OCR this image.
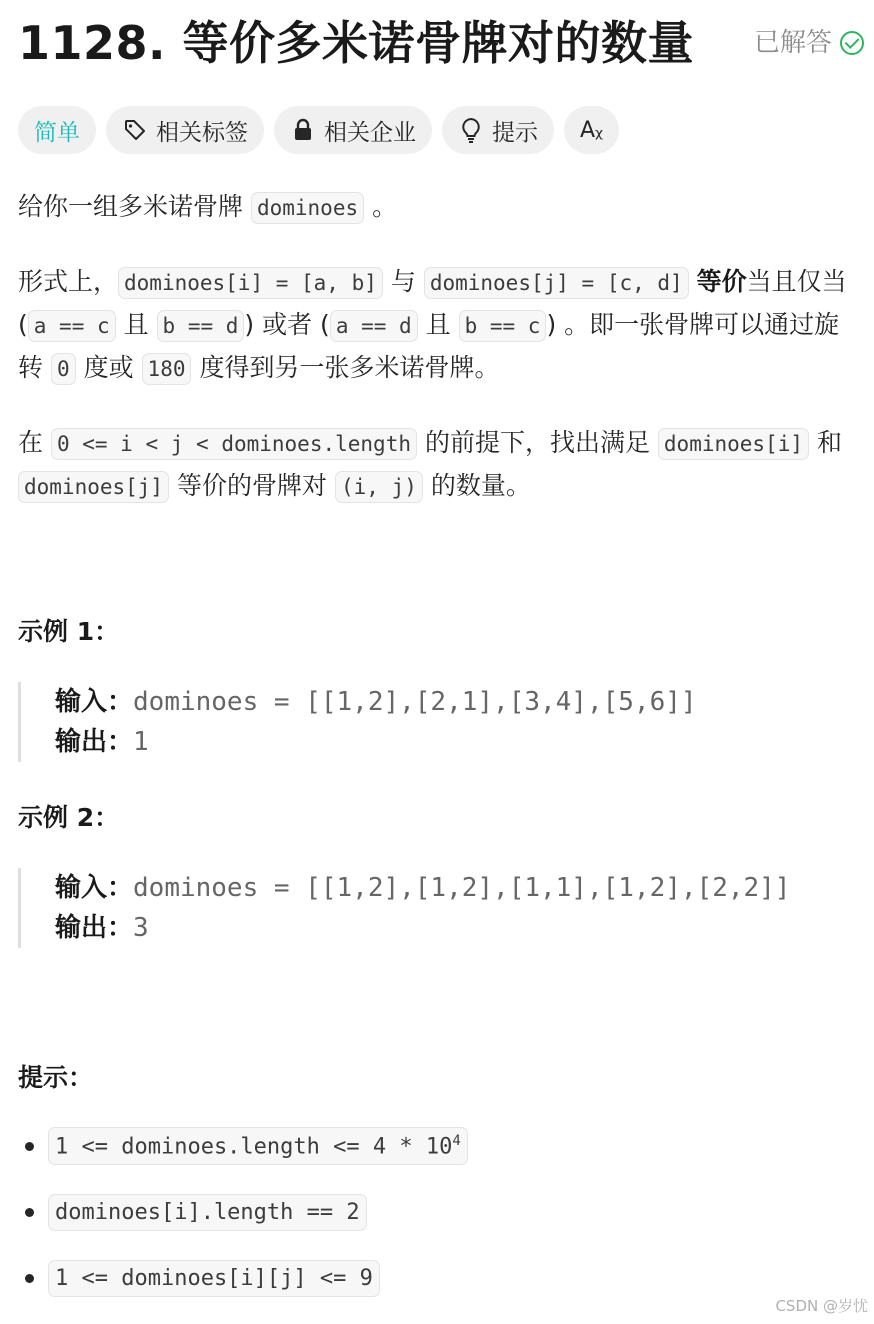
1128. 等价多米诺骨牌对的数量 已解答
简单	相关标签	相关企业	提示 Aᵪ

给你一组多米诺骨牌 dominoes 。

形式上， dominoes[i] = [a, b] 与 dominoes[j] = [c, d] 等价当且仅当 ( a == c 且 b == d ) 或者 ( a == d 且 b == c ) 。即一张骨牌可以通过旋转 0 度或 180 度得到另一张多米诺骨牌。

在 0 <= i < j < dominoes.length 的前提下，找出满足 dominoes[i] 和 dominoes[j] 等价的骨牌对 (i, j) 的数量。

示例 1：
输入：dominoes = [[1,2],[2,1],[3,4],[5,6]]
输出：1
示例 2：
输入：dominoes = [[1,2],[1,2],[1,1],[1,2],[2,2]]
输出：3
提示：
1 <= dominoes.length <= $4 * 10^4$
dominoes[i].length == 2
1 <= dominoes[i][j] <= 9
CSDN @岁忧
